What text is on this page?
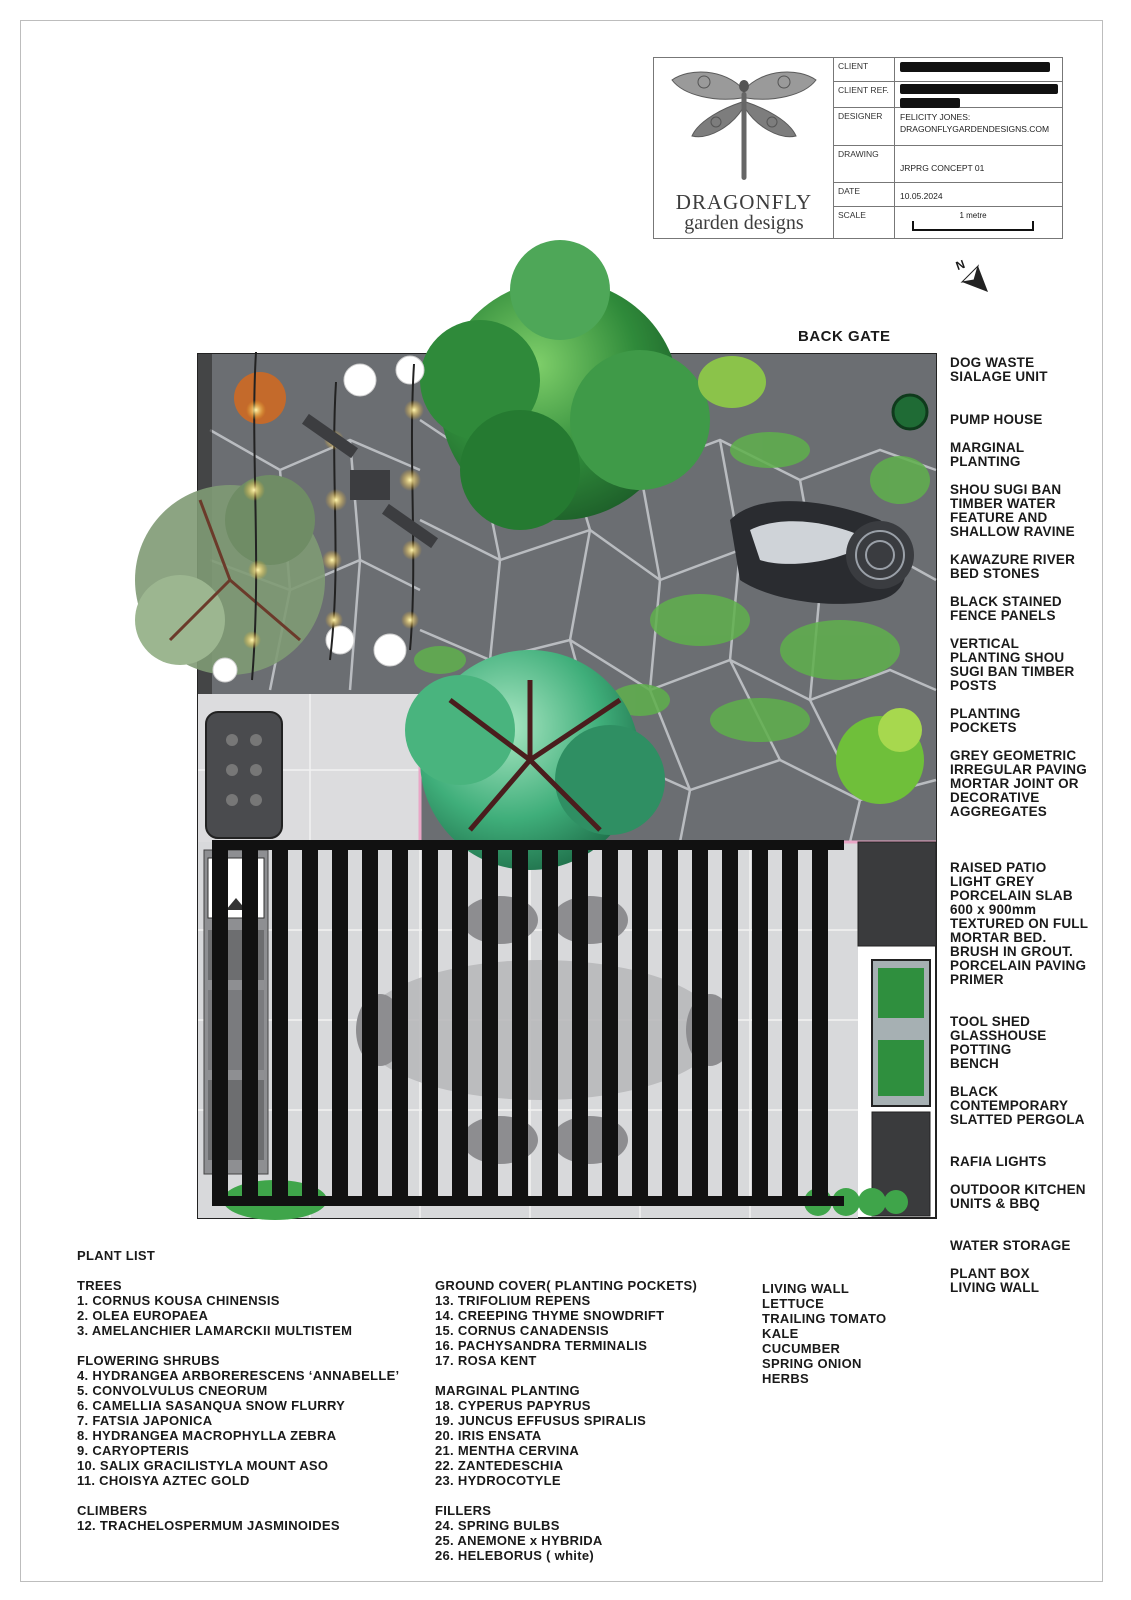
DRAGONFLY
garden designs
CLIENT
CLIENT REF.
DESIGNER FELICITY JONES:
DRAGONFLYGARDENDESIGNS.COM
DRAWING
JRPRG CONCEPT 01
DATE	10.05.2024
SCALE	1 metre
N
BACK GATE
DOG WASTE SIALAGE UNIT
PUMP HOUSE
MARGINAL PLANTING
SHOU SUGI BAN TIMBER WATER FEATURE AND SHALLOW RAVINE
KAWAZURE RIVER BED STONES
BLACK STAINED FENCE PANELS
VERTICAL PLANTING SHOU SUGI BAN TIMBER POSTS
PLANTING POCKETS
GREY GEOMETRIC IRREGULAR PAVING MORTAR JOINT OR DECORATIVE AGGREGATES
RAISED PATIO LIGHT GREY PORCELAIN SLAB 600 x 900mm TEXTURED ON FULL MORTAR BED. BRUSH IN GROUT. PORCELAIN PAVING PRIMER
TOOL SHED GLASSHOUSE POTTING BENCH
BLACK CONTEMPORARY SLATTED PERGOLA
RAFIA LIGHTS
OUTDOOR KITCHEN UNITS & BBQ
WATER STORAGE
PLANT BOX LIVING WALL
PLANT LIST
TREES
1. CORNUS KOUSA CHINENSIS
2. OLEA EUROPAEA
3. AMELANCHIER LAMARCKII MULTISTEM
FLOWERING SHRUBS
4. HYDRANGEA ARBORERESCENS ‘ANNABELLE’
5. CONVOLVULUS CNEORUM
6. CAMELLIA SASANQUA SNOW FLURRY
7. FATSIA JAPONICA
8. HYDRANGEA MACROPHYLLA ZEBRA
9. CARYOPTERIS
10. SALIX GRACILISTYLA MOUNT ASO
11. CHOISYA AZTEC GOLD
CLIMBERS
12. TRACHELOSPERMUM JASMINOIDES
GROUND COVER( PLANTING POCKETS)
13. TRIFOLIUM REPENS
14. CREEPING THYME SNOWDRIFT
15. CORNUS CANADENSIS
16. PACHYSANDRA TERMINALIS
17. ROSA KENT
MARGINAL PLANTING
18. CYPERUS PAPYRUS
19. JUNCUS EFFUSUS SPIRALIS
20. IRIS ENSATA
21. MENTHA CERVINA
22. ZANTEDESCHIA
23. HYDROCOTYLE
FILLERS
24. SPRING BULBS
25. ANEMONE x HYBRIDA
26. HELEBORUS ( white)
LIVING WALL
LETTUCE
TRAILING TOMATO
KALE
CUCUMBER
SPRING ONION
HERBS
